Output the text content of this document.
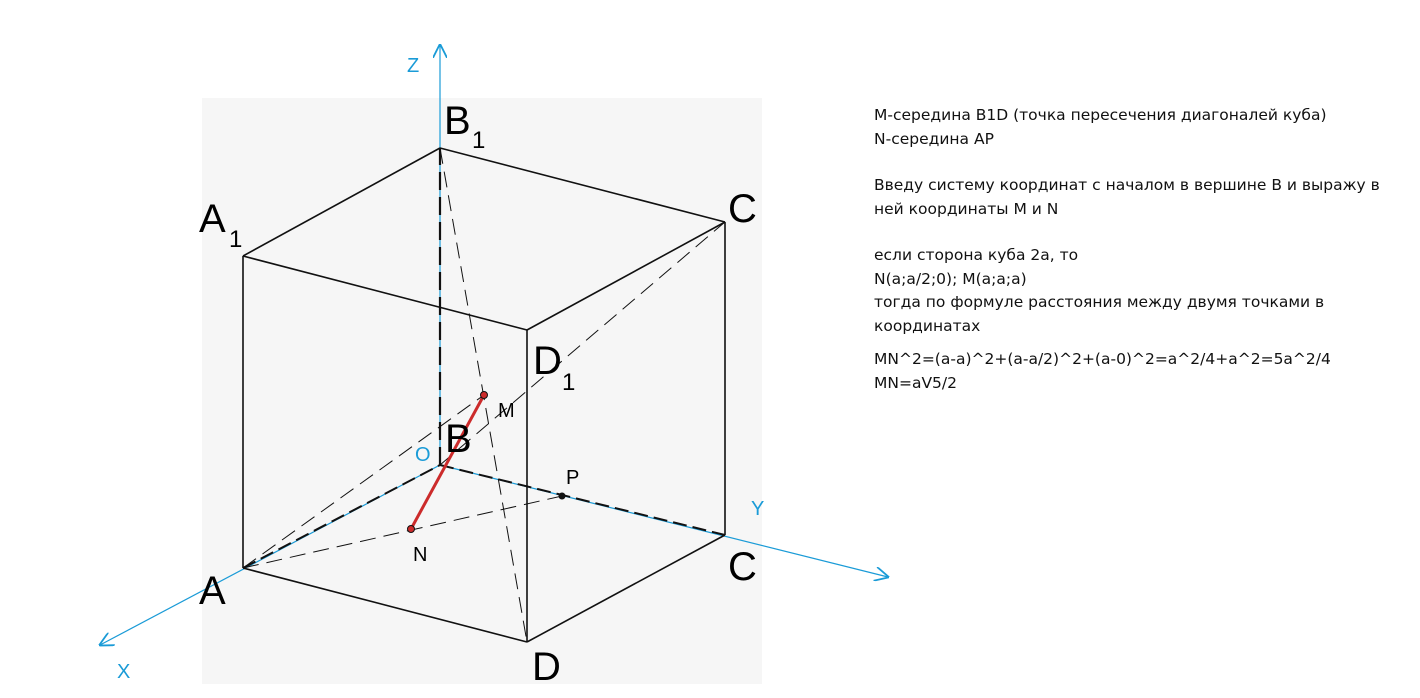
A
D
C
A 1
B 1
C
D 1
B
M
N
P
O
X
Y
Z
M-середина B1D (точка пересечения диагоналей куба)
N-середина AP
Введу систему координат с началом в вершине В и выражу в
ней координаты М и N
если сторона куба 2a, то
N(a;a/2;0); M(a;a;a)
тогда по формуле расстояния между двумя точками в
координатах
MN^2=(a-a)^2+(a-a/2)^2+(a-0)^2=a^2/4+a^2=5a^2/4
MN=aV5/2
